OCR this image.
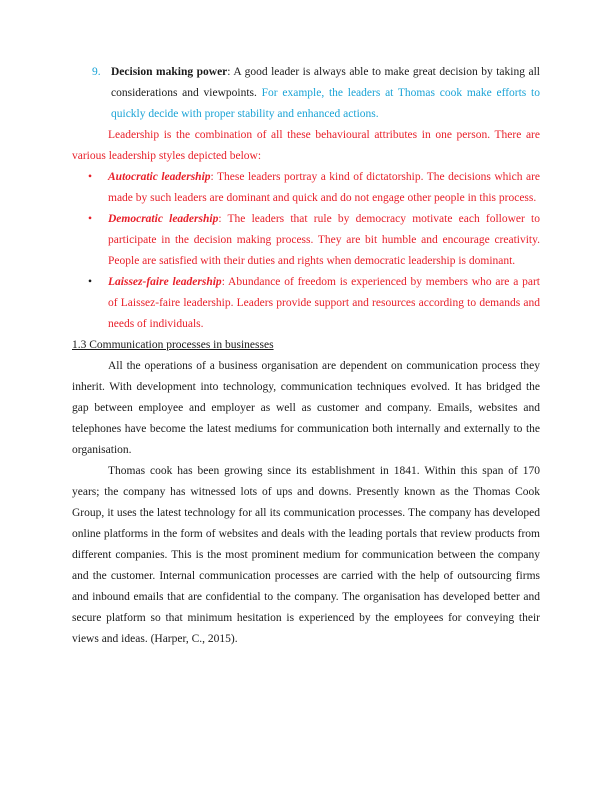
9. Decision making power: A good leader is always able to make great decision by taking all considerations and viewpoints. For example, the leaders at Thomas cook make efforts to quickly decide with proper stability and enhanced actions.

Leadership is the combination of all these behavioural attributes in one person. There are various leadership styles depicted below:

• Autocratic leadership: These leaders portray a kind of dictatorship. The decisions which are made by such leaders are dominant and quick and do not engage other people in this process.
• Democratic leadership: The leaders that rule by democracy motivate each follower to participate in the decision making process. They are bit humble and encourage creativity. People are satisfied with their duties and rights when democratic leadership is dominant.
• Laissez-faire leadership: Abundance of freedom is experienced by members who are a part of Laissez-faire leadership. Leaders provide support and resources according to demands and needs of individuals.

1.3 Communication processes in businesses

All the operations of a business organisation are dependent on communication process they inherit. With development into technology, communication techniques evolved. It has bridged the gap between employee and employer as well as customer and company. Emails, websites and telephones have become the latest mediums for communication both internally and externally to the organisation.

Thomas cook has been growing since its establishment in 1841. Within this span of 170 years; the company has witnessed lots of ups and downs. Presently known as the Thomas Cook Group, it uses the latest technology for all its communication processes. The company has developed online platforms in the form of websites and deals with the leading portals that review products from different companies. This is the most prominent medium for communication between the company and the customer. Internal communication processes are carried with the help of outsourcing firms and inbound emails that are confidential to the company. The organisation has developed better and secure platform so that minimum hesitation is experienced by the employees for conveying their views and ideas. (Harper, C., 2015).
